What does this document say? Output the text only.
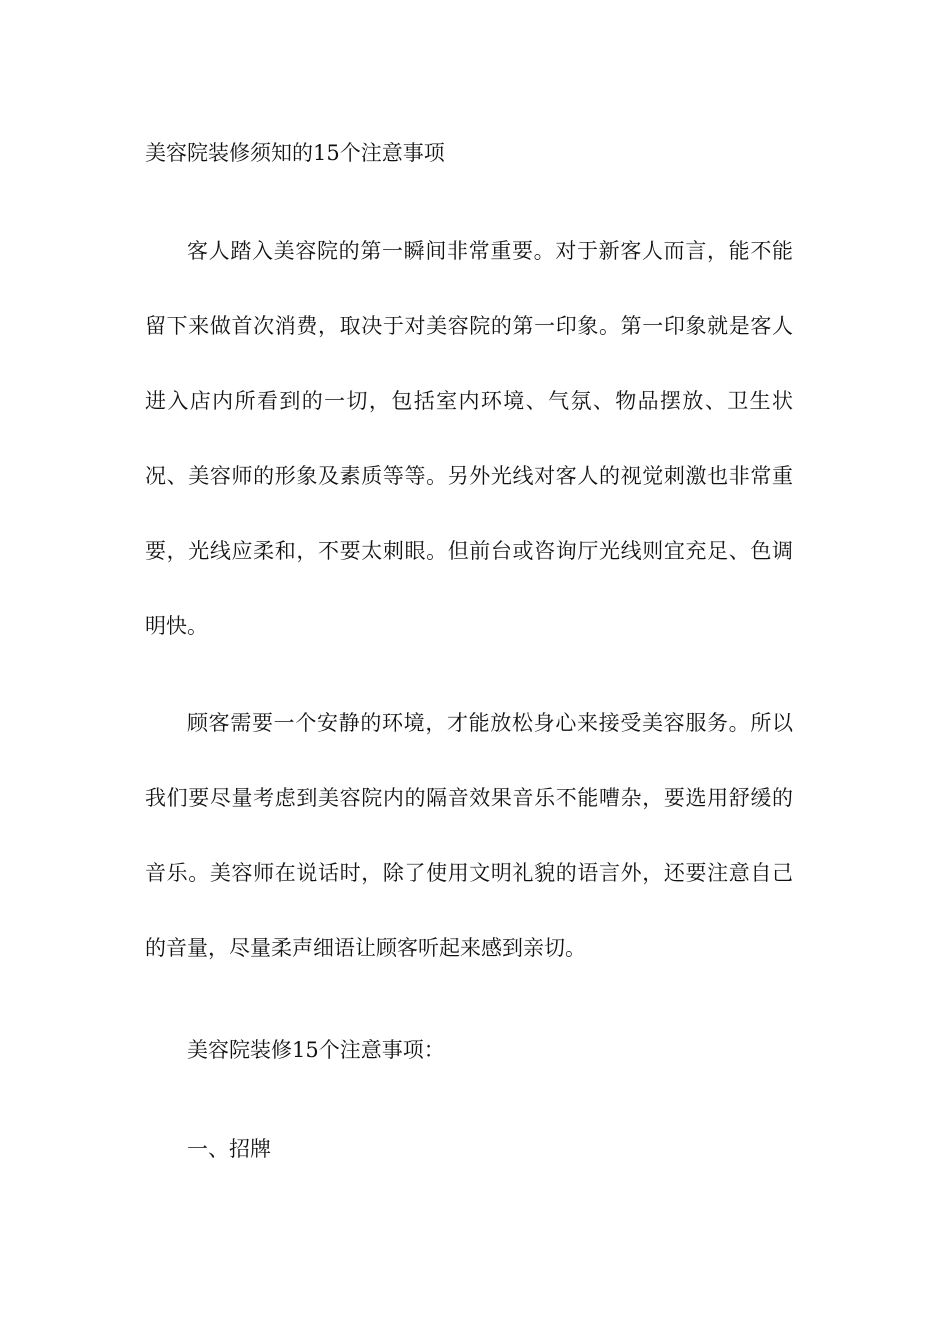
美容院装修须知的15个注意事项

客人踏入美容院的第一瞬间非常重要。对于新客人而言，能不能留下来做首次消费，取决于对美容院的第一印象。第一印象就是客人进入店内所看到的一切，包括室内环境、气氛、物品摆放、卫生状况、美容师的形象及素质等等。另外光线对客人的视觉刺激也非常重要，光线应柔和，不要太刺眼。但前台或咨询厅光线则宜充足、色调明快。

顾客需要一个安静的环境，才能放松身心来接受美容服务。所以我们要尽量考虑到美容院内的隔音效果音乐不能嘈杂，要选用舒缓的音乐。美容师在说话时，除了使用文明礼貌的语言外，还要注意自己的音量，尽量柔声细语让顾客听起来感到亲切。

美容院装修15个注意事项：

一、招牌
